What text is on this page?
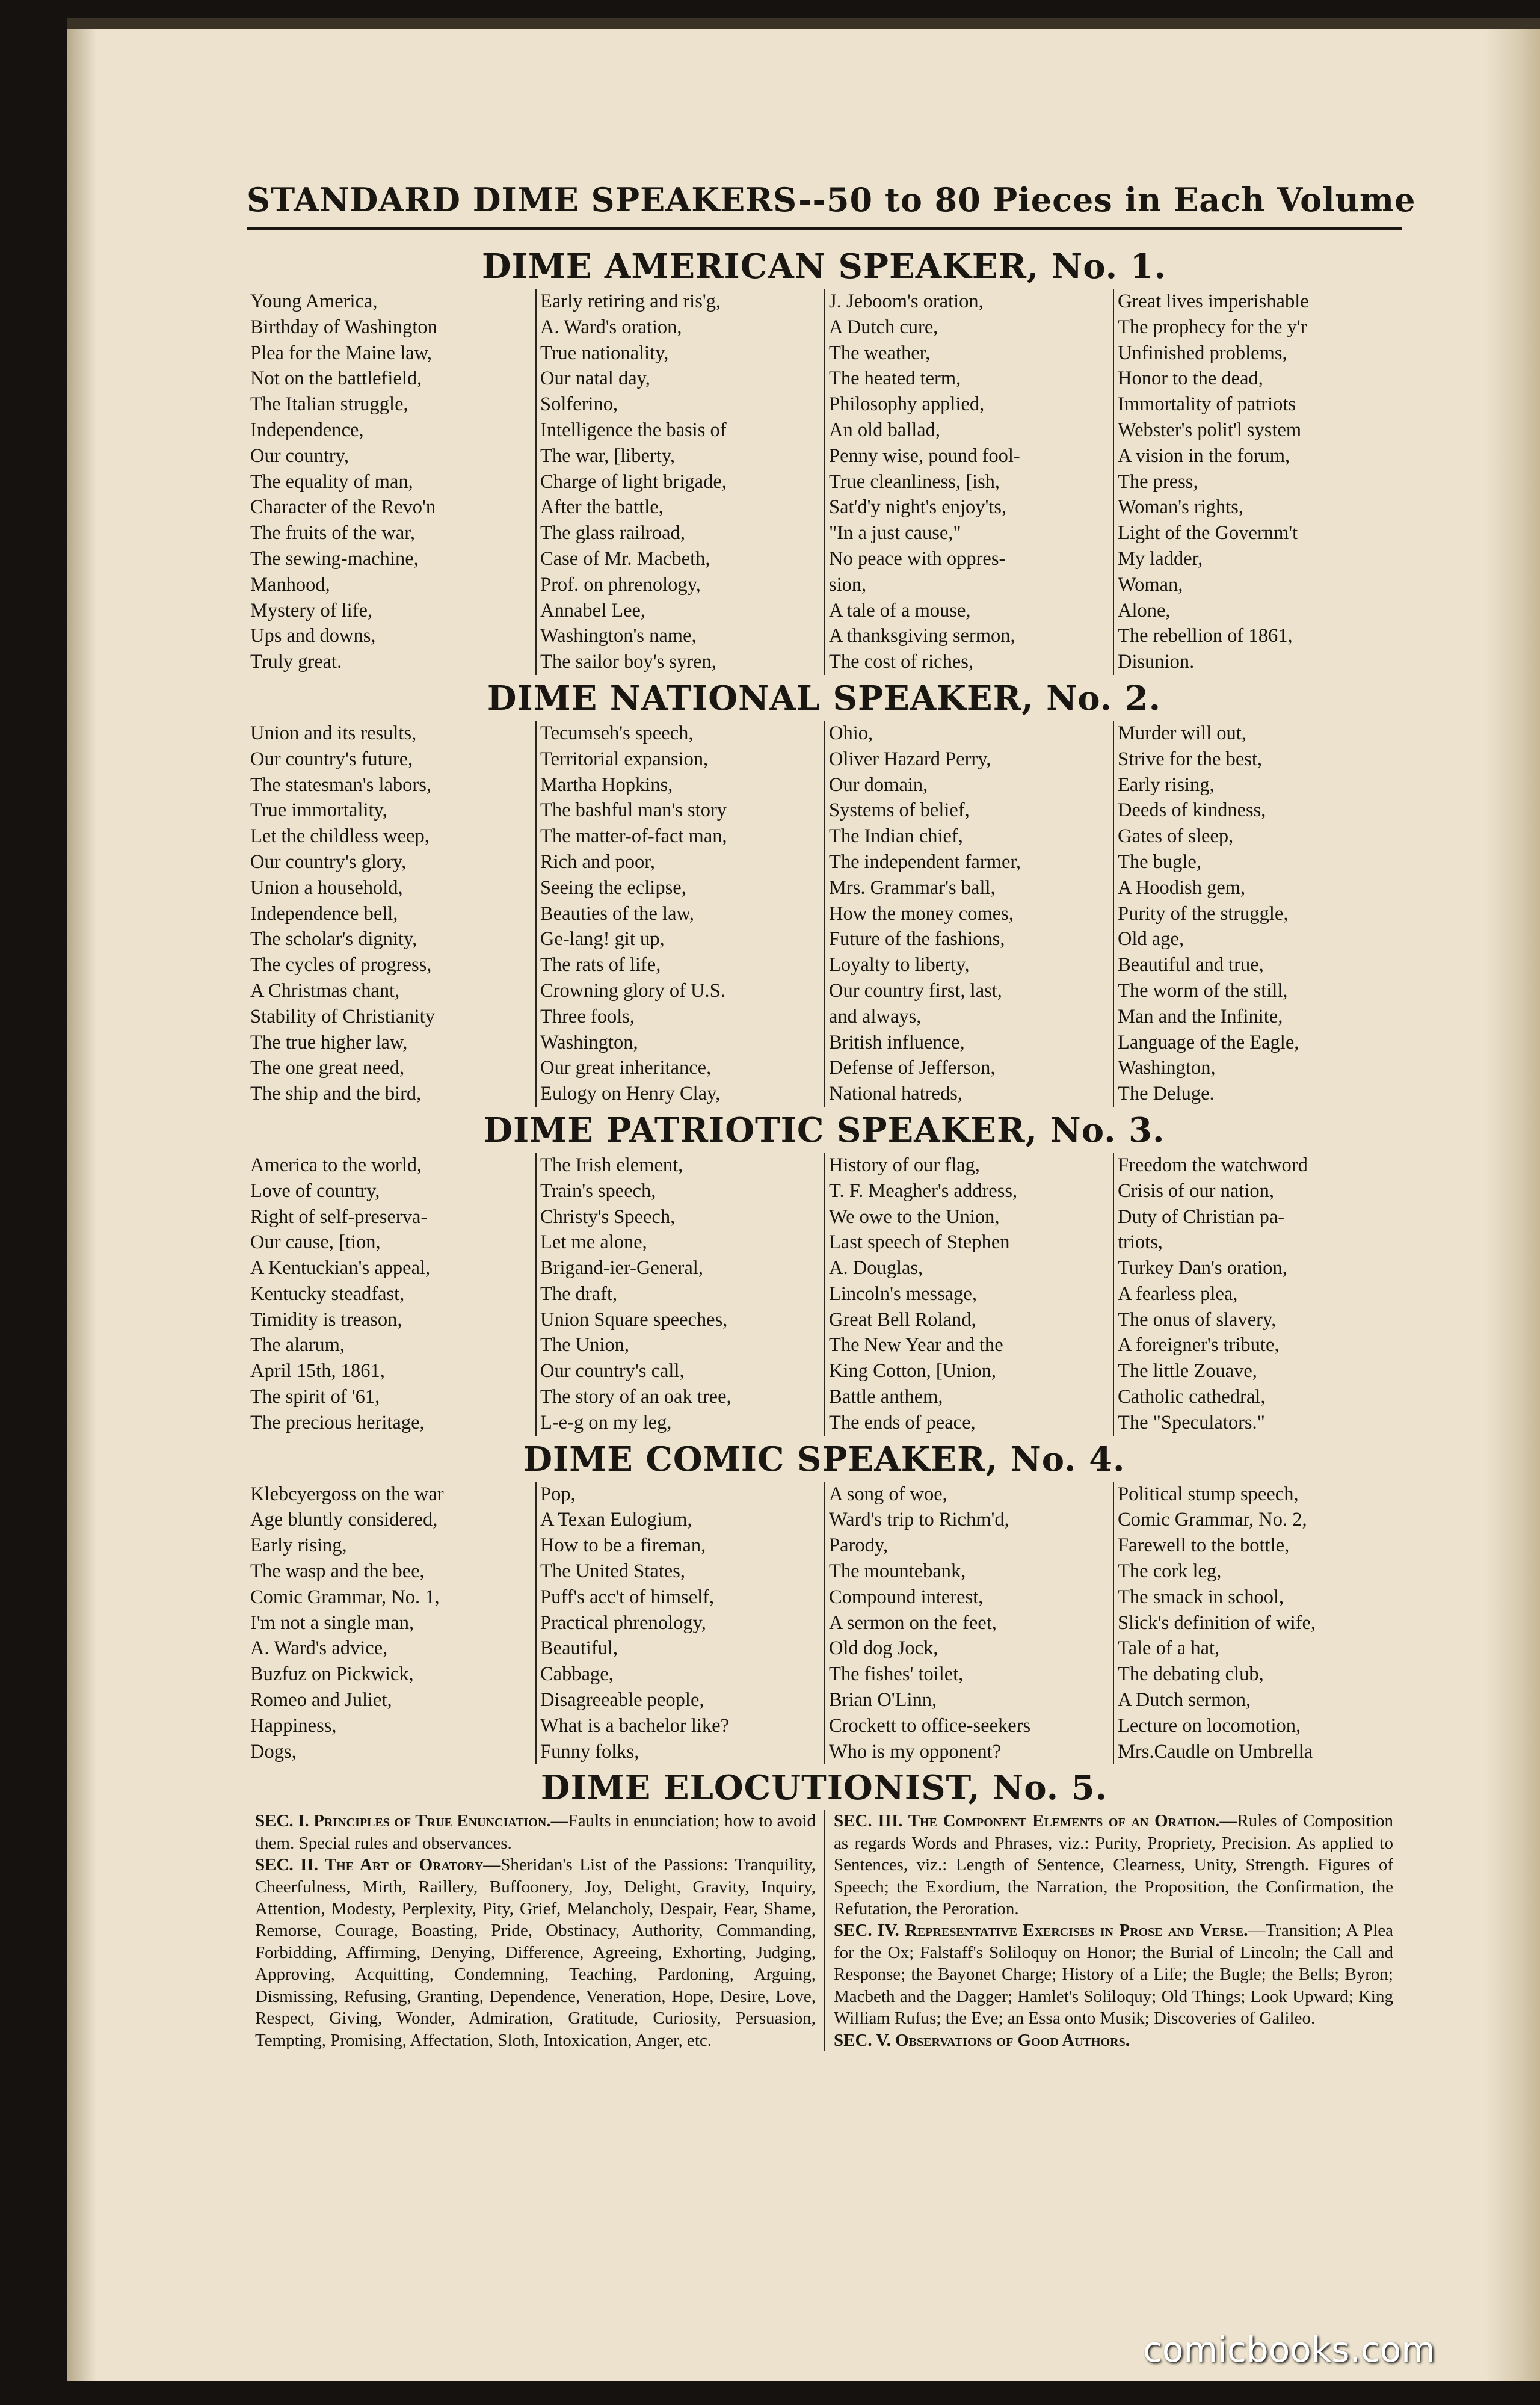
STANDARD DIME SPEAKERS--50 to 80 Pieces in Each Volume
DIME AMERICAN SPEAKER, No. 1.
Young America,
Birthday of Washington
Plea for the Maine law,
Not on the battlefield,
The Italian struggle,
Independence,
Our country,
The equality of man,
Character of the Revo'n
The fruits of the war,
The sewing-machine,
Manhood,
Mystery of life,
Ups and downs,
Truly great.
Early retiring and ris'g,
A. Ward's oration,
True nationality,
Our natal day,
Solferino,
Intelligence the basis of
The war, [liberty,
Charge of light brigade,
After the battle,
The glass railroad,
Case of Mr. Macbeth,
Prof. on phrenology,
Annabel Lee,
Washington's name,
The sailor boy's syren,
J. Jeboom's oration,
A Dutch cure,
The weather,
The heated term,
Philosophy applied,
An old ballad,
Penny wise, pound fool-
True cleanliness, [ish,
Sat'd'y night's enjoy'ts,
"In a just cause,"
No peace with oppres-
sion,
A tale of a mouse,
A thanksgiving sermon,
The cost of riches,
Great lives imperishable
The prophecy for the y'r
Unfinished problems,
Honor to the dead,
Immortality of patriots
Webster's polit'l system
A vision in the forum,
The press,
Woman's rights,
Light of the Governm't
My ladder,
Woman,
Alone,
The rebellion of 1861,
Disunion.
DIME NATIONAL SPEAKER, No. 2.
Union and its results,
Our country's future,
The statesman's labors,
True immortality,
Let the childless weep,
Our country's glory,
Union a household,
Independence bell,
The scholar's dignity,
The cycles of progress,
A Christmas chant,
Stability of Christianity
The true higher law,
The one great need,
The ship and the bird,
Tecumseh's speech,
Territorial expansion,
Martha Hopkins,
The bashful man's story
The matter-of-fact man,
Rich and poor,
Seeing the eclipse,
Beauties of the law,
Ge-lang! git up,
The rats of life,
Crowning glory of U.S.
Three fools,
Washington,
Our great inheritance,
Eulogy on Henry Clay,
Ohio,
Oliver Hazard Perry,
Our domain,
Systems of belief,
The Indian chief,
The independent farmer,
Mrs. Grammar's ball,
How the money comes,
Future of the fashions,
Loyalty to liberty,
Our country first, last,
and always,
British influence,
Defense of Jefferson,
National hatreds,
Murder will out,
Strive for the best,
Early rising,
Deeds of kindness,
Gates of sleep,
The bugle,
A Hoodish gem,
Purity of the struggle,
Old age,
Beautiful and true,
The worm of the still,
Man and the Infinite,
Language of the Eagle,
Washington,
The Deluge.
DIME PATRIOTIC SPEAKER, No. 3.
America to the world,
Love of country,
Right of self-preserva-
Our cause, [tion,
A Kentuckian's appeal,
Kentucky steadfast,
Timidity is treason,
The alarum,
April 15th, 1861,
The spirit of '61,
The precious heritage,
The Irish element,
Train's speech,
Christy's Speech,
Let me alone,
Brigand-ier-General,
The draft,
Union Square speeches,
The Union,
Our country's call,
The story of an oak tree,
L-e-g on my leg,
History of our flag,
T. F. Meagher's address,
We owe to the Union,
Last speech of Stephen
A. Douglas,
Lincoln's message,
Great Bell Roland,
The New Year and the
King Cotton, [Union,
Battle anthem,
The ends of peace,
Freedom the watchword
Crisis of our nation,
Duty of Christian pa-
triots,
Turkey Dan's oration,
A fearless plea,
The onus of slavery,
A foreigner's tribute,
The little Zouave,
Catholic cathedral,
The "Speculators."
DIME COMIC SPEAKER, No. 4.
Klebcyergoss on the war
Age bluntly considered,
Early rising,
The wasp and the bee,
Comic Grammar, No. 1,
I'm not a single man,
A. Ward's advice,
Buzfuz on Pickwick,
Romeo and Juliet,
Happiness,
Dogs,
Pop,
A Texan Eulogium,
How to be a fireman,
The United States,
Puff's acc't of himself,
Practical phrenology,
Beautiful,
Cabbage,
Disagreeable people,
What is a bachelor like?
Funny folks,
A song of woe,
Ward's trip to Richm'd,
Parody,
The mountebank,
Compound interest,
A sermon on the feet,
Old dog Jock,
The fishes' toilet,
Brian O'Linn,
Crockett to office-seekers
Who is my opponent?
Political stump speech,
Comic Grammar, No. 2,
Farewell to the bottle,
The cork leg,
The smack in school,
Slick's definition of wife,
Tale of a hat,
The debating club,
A Dutch sermon,
Lecture on locomotion,
Mrs.Caudle on Umbrella
DIME ELOCUTIONIST, No. 5.
SEC. I. Principles of True Enunciation.—Faults in enunciation; how to avoid them. Special rules and observances.
SEC. II. The Art of Oratory—Sheridan's List of the Passions: Tranquility, Cheerfulness, Mirth, Raillery, Buffoonery, Joy, Delight, Gravity, Inquiry, Attention, Modesty, Perplexity, Pity, Grief, Melancholy, Despair, Fear, Shame, Remorse, Courage, Boasting, Pride, Obstinacy, Authority, Commanding, Forbidding, Affirming, Denying, Difference, Agreeing, Exhorting, Judging, Approving, Acquitting, Condemning, Teaching, Pardoning, Arguing, Dismissing, Refusing, Granting, Dependence, Veneration, Hope, Desire, Love, Respect, Giving, Wonder, Admiration, Gratitude, Curiosity, Persuasion, Tempting, Promising, Affectation, Sloth, Intoxication, Anger, etc.
SEC. III. The Component Elements of an Oration.—Rules of Composition as regards Words and Phrases, viz.: Purity, Propriety, Precision. As applied to Sentences, viz.: Length of Sentence, Clearness, Unity, Strength. Figures of Speech; the Exordium, the Narration, the Proposition, the Confirmation, the Refutation, the Peroration.
SEC. IV. Representative Exercises in Prose and Verse.—Transition; A Plea for the Ox; Falstaff's Soliloquy on Honor; the Burial of Lincoln; the Call and Response; the Bayonet Charge; History of a Life; the Bugle; the Bells; Byron; Macbeth and the Dagger; Hamlet's Soliloquy; Old Things; Look Upward; King William Rufus; the Eve; an Essa onto Musik; Discoveries of Galileo.
SEC. V. Observations of Good Authors.
comicbooks.com
